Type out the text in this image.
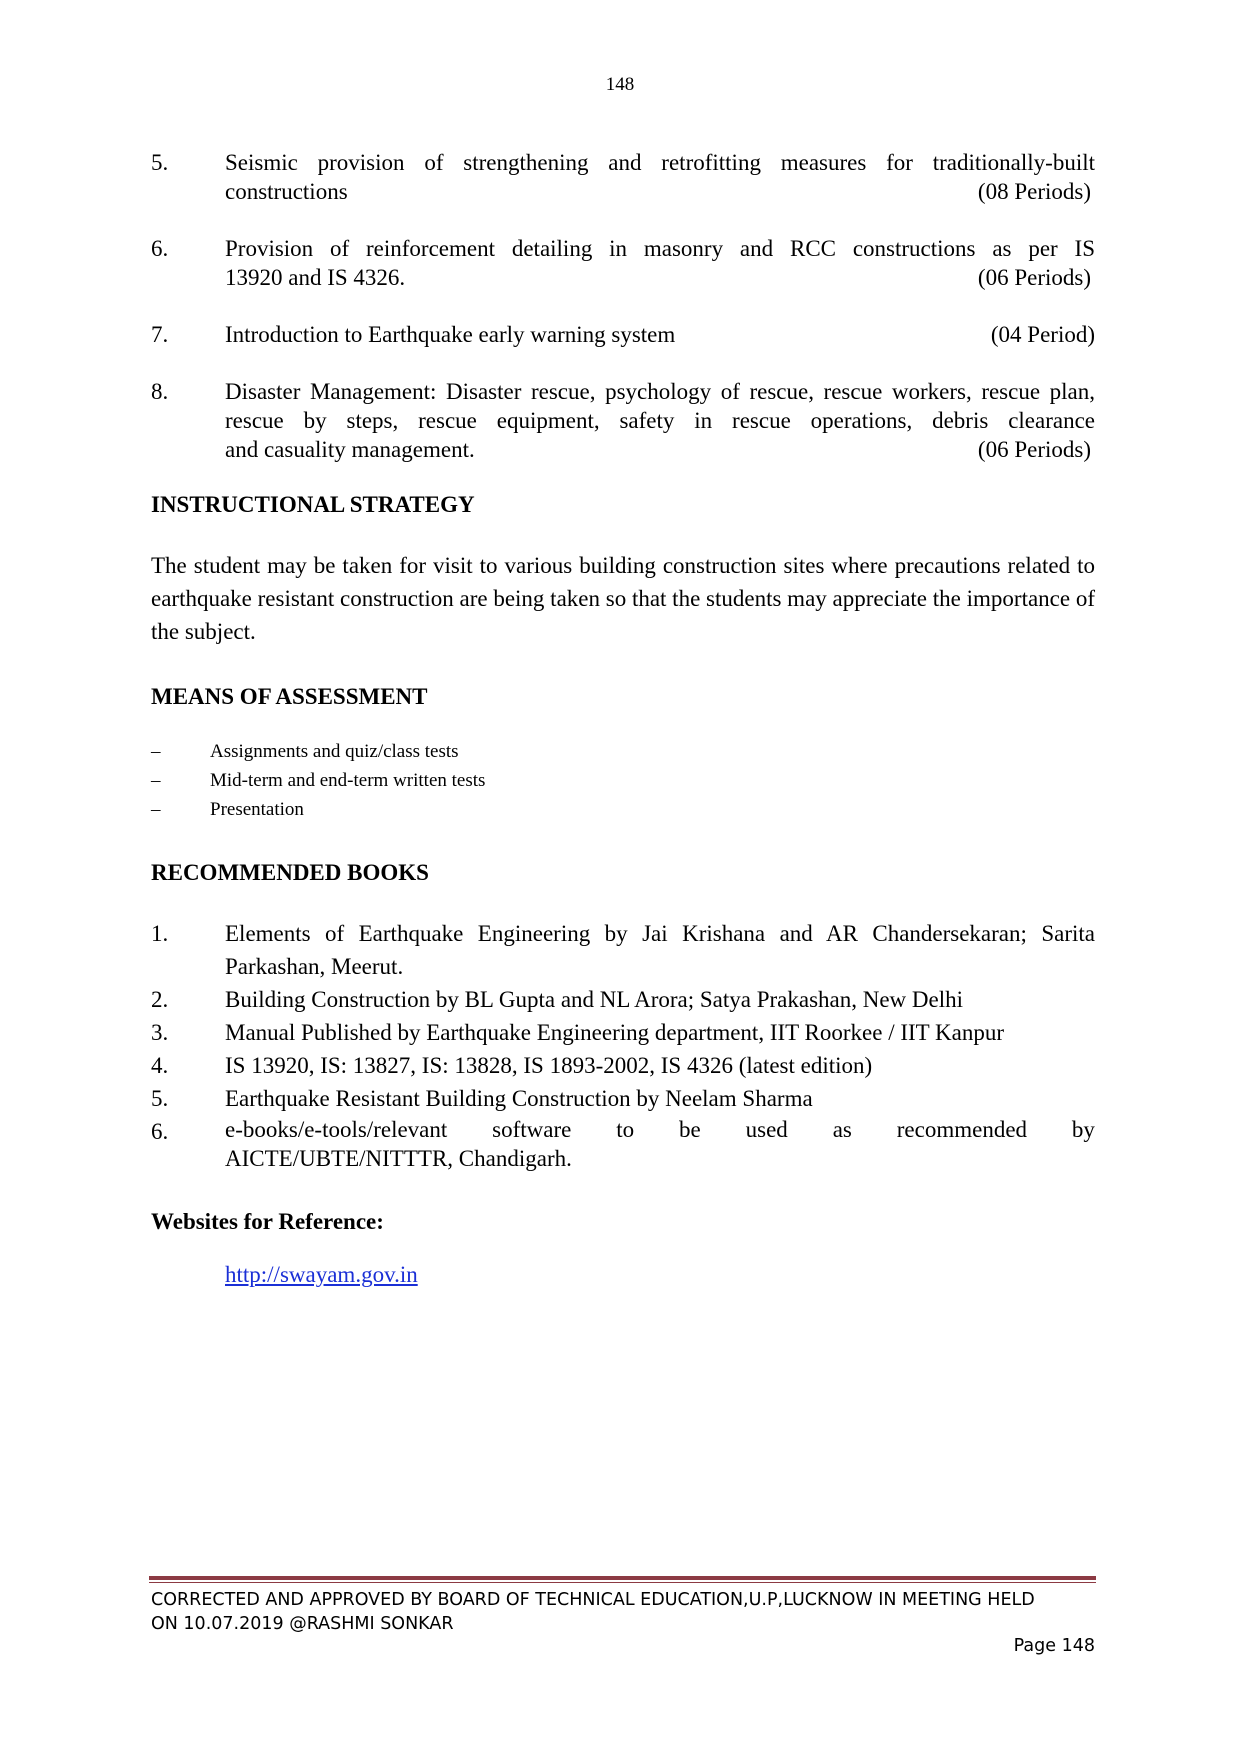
148
5.	Seismic provision of strengthening and retrofitting measures for traditionally-built
constructions	(08 Periods)
6.	Provision of reinforcement detailing in masonry and RCC constructions as per IS
13920 and IS 4326.	(06 Periods)
7.	Introduction to Earthquake early warning system	(04 Period)
8.	Disaster Management: Disaster rescue, psychology of rescue, rescue workers, rescue plan, rescue by steps, rescue equipment, safety in rescue operations, debris clearance
and casuality management.	(06 Periods)
INSTRUCTIONAL STRATEGY

The student may be taken for visit to various building construction sites where precautions related to earthquake resistant construction are being taken so that the students may appreciate the importance of the subject.

MEANS OF ASSESSMENT
–	Assignments and quiz/class tests
–	Mid-term and end-term written tests
–	Presentation
RECOMMENDED BOOKS
1.	Elements of Earthquake Engineering by Jai Krishana and AR Chandersekaran; Sarita Parkashan, Meerut.
2.	Building Construction by BL Gupta and NL Arora; Satya Prakashan, New Delhi
3.	Manual Published by Earthquake Engineering department, IIT Roorkee / IIT Kanpur
4.	IS 13920, IS: 13827, IS: 13828, IS 1893-2002, IS 4326 (latest edition)
5.	Earthquake Resistant Building Construction by Neelam Sharma
6.	e-books/e-tools/relevant software to be used as recommended by
AICTE/UBTE/NITTTR, Chandigarh.
Websites for Reference:
http://swayam.gov.in
CORRECTED AND APPROVED BY BOARD OF TECHNICAL EDUCATION,U.P,LUCKNOW IN MEETING HELD
ON 10.07.2019 @RASHMI SONKAR
Page 148
